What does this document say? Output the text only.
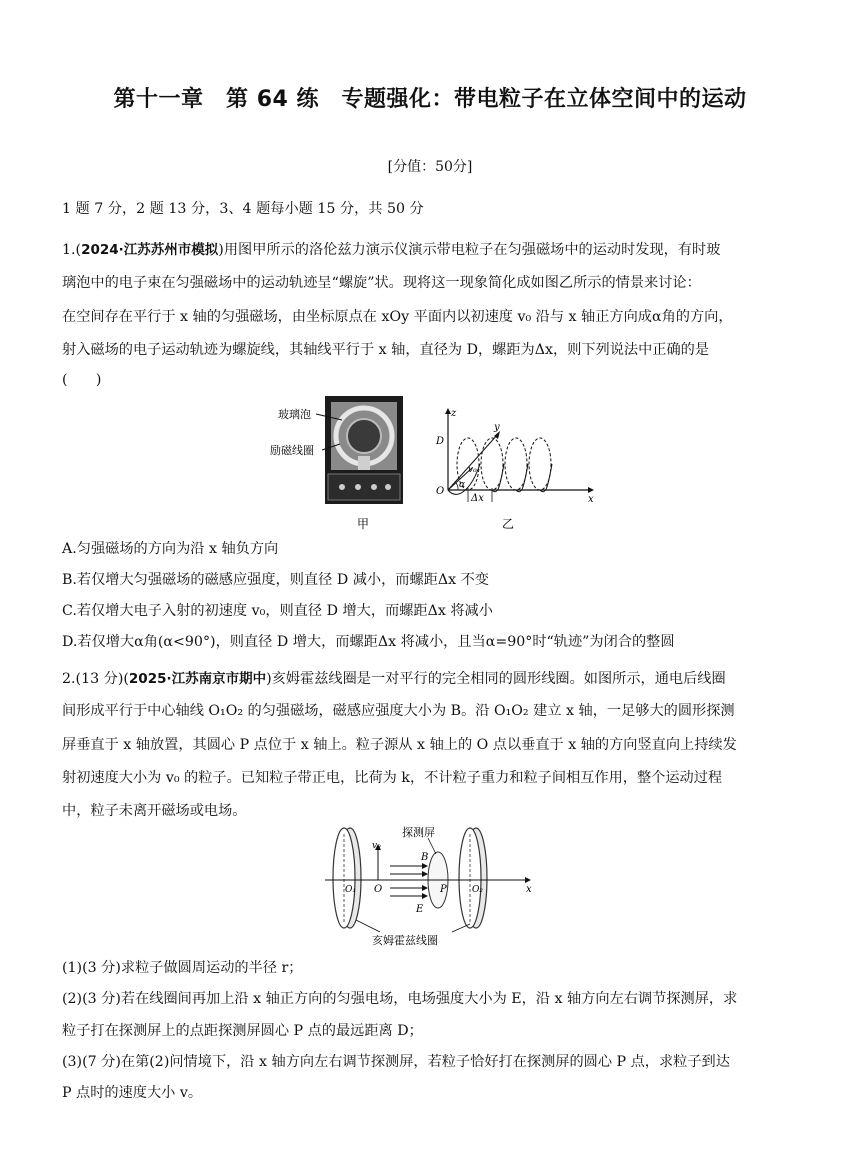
第十一章　第 64 练　专题强化：带电粒子在立体空间中的运动
[分值：50分]
1 题 7 分，2 题 13 分，3、4 题每小题 15 分，共 50 分
1.(2024·江苏苏州市模拟)用图甲所示的洛伦兹力演示仪演示带电粒子在匀强磁场中的运动时发现，有时玻
璃泡中的电子束在匀强磁场中的运动轨迹呈“螺旋”状。现将这一现象简化成如图乙所示的情景来讨论：
在空间存在平行于 x 轴的匀强磁场，由坐标原点在 xOy 平面内以初速度 v₀ 沿与 x 轴正方向成α角的方向，
射入磁场的电子运动轨迹为螺旋线，其轴线平行于 x 轴，直径为 D，螺距为Δx，则下列说法中正确的是
(　　)
玻璃泡
励磁线圈
甲
Δx
z
y
x
O
D
v₀
α
乙
A.匀强磁场的方向为沿 x 轴负方向
B.若仅增大匀强磁场的磁感应强度，则直径 D 减小，而螺距Δx 不变
C.若仅增大电子入射的初速度 v₀，则直径 D 增大，而螺距Δx 将减小
D.若仅增大α角(α<90°)，则直径 D 增大，而螺距Δx 将减小，且当α=90°时“轨迹”为闭合的整圆
2.(13 分)(2025·江苏南京市期中)亥姆霍兹线圈是一对平行的完全相同的圆形线圈。如图所示，通电后线圈
间形成平行于中心轴线 O₁O₂ 的匀强磁场，磁感应强度大小为 B。沿 O₁O₂ 建立 x 轴，一足够大的圆形探测
屏垂直于 x 轴放置，其圆心 P 点位于 x 轴上。粒子源从 x 轴上的 O 点以垂直于 x 轴的方向竖直向上持续发
射初速度大小为 v₀ 的粒子。已知粒子带正电，比荷为 k，不计粒子重力和粒子间相互作用，整个运动过程
中，粒子未离开磁场或电场。
探测屏
亥姆霍兹线圈
v₀
B
E
O₁ O	P	O₂	x
(1)(3 分)求粒子做圆周运动的半径 r；
(2)(3 分)若在线圈间再加上沿 x 轴正方向的匀强电场，电场强度大小为 E，沿 x 轴方向左右调节探测屏，求
粒子打在探测屏上的点距探测屏圆心 P 点的最远距离 D；
(3)(7 分)在第(2)问情境下，沿 x 轴方向左右调节探测屏，若粒子恰好打在探测屏的圆心 P 点，求粒子到达
P 点时的速度大小 v。
